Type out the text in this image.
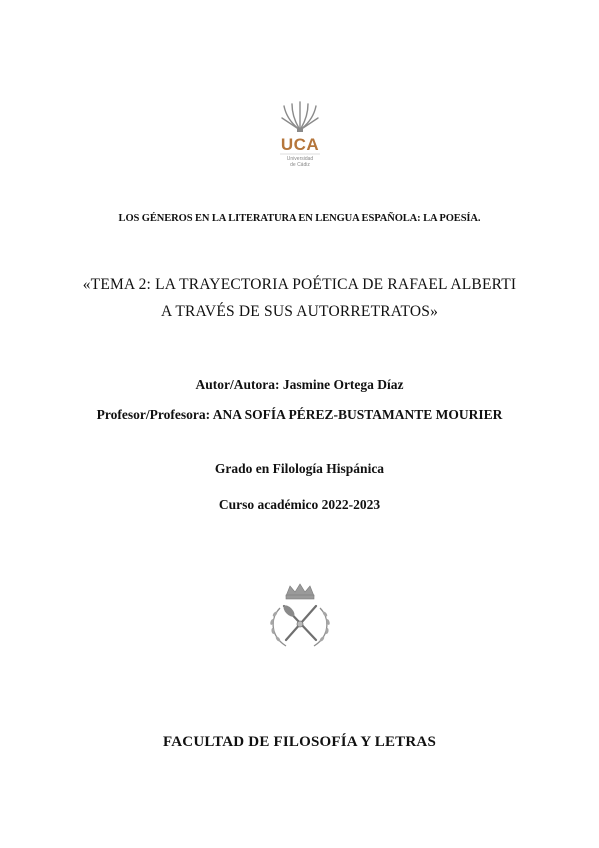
UCA
Universidad
de Cádiz
LOS GÉNEROS EN LA LITERATURA EN LENGUA ESPAÑOLA: LA POESÍA.
«TEMA 2: LA TRAYECTORIA POÉTICA DE RAFAEL ALBERTI
A TRAVÉS DE SUS AUTORRETRATOS»
Autor/Autora: Jasmine Ortega Díaz
Profesor/Profesora: ANA SOFÍA PÉREZ-BUSTAMANTE MOURIER
Grado en Filología Hispánica
Curso académico 2022-2023
FACULTAD DE FILOSOFÍA Y LETRAS
